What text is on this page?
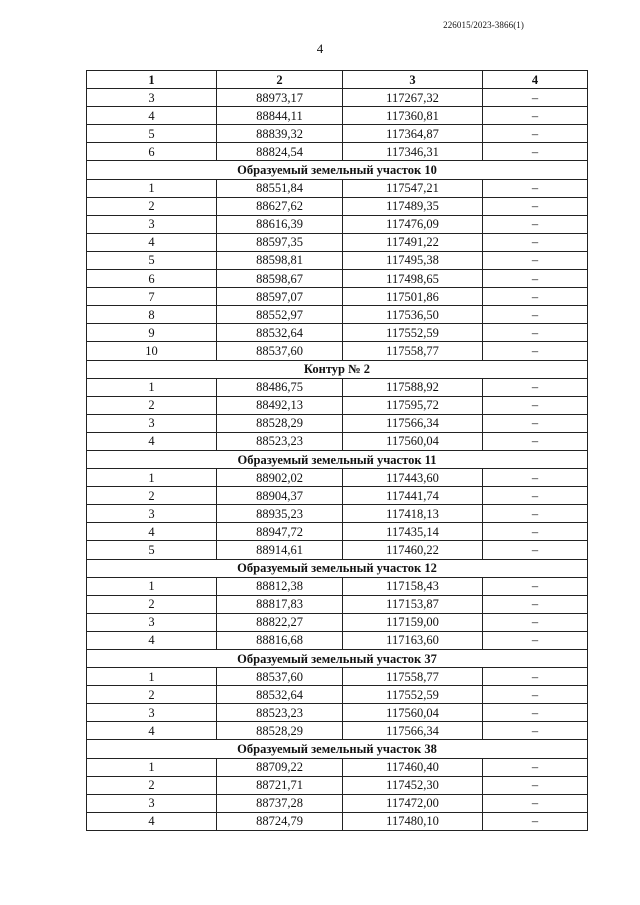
226015/2023-3866(1)
4
1	2	3	4
3	88973,17	117267,32	–
4	88844,11	117360,81	–
5	88839,32	117364,87	–
6	88824,54	117346,31	–
Образуемый земельный участок 10			
1	88551,84	117547,21	–
2	88627,62	117489,35	–
3	88616,39	117476,09	–
4	88597,35	117491,22	–
5	88598,81	117495,38	–
6	88598,67	117498,65	–
7	88597,07	117501,86	–
8	88552,97	117536,50	–
9	88532,64	117552,59	–
10	88537,60	117558,77	–
Контур № 2			
1	88486,75	117588,92	–
2	88492,13	117595,72	–
3	88528,29	117566,34	–
4	88523,23	117560,04	–
Образуемый земельный участок 11			
1	88902,02	117443,60	–
2	88904,37	117441,74	–
3	88935,23	117418,13	–
4	88947,72	117435,14	–
5	88914,61	117460,22	–
Образуемый земельный участок 12			
1	88812,38	117158,43	–
2	88817,83	117153,87	–
3	88822,27	117159,00	–
4	88816,68	117163,60	–
Образуемый земельный участок 37			
1	88537,60	117558,77	–
2	88532,64	117552,59	–
3	88523,23	117560,04	–
4	88528,29	117566,34	–
Образуемый земельный участок 38			
1	88709,22	117460,40	–
2	88721,71	117452,30	–
3	88737,28	117472,00	–
4	88724,79	117480,10	–
